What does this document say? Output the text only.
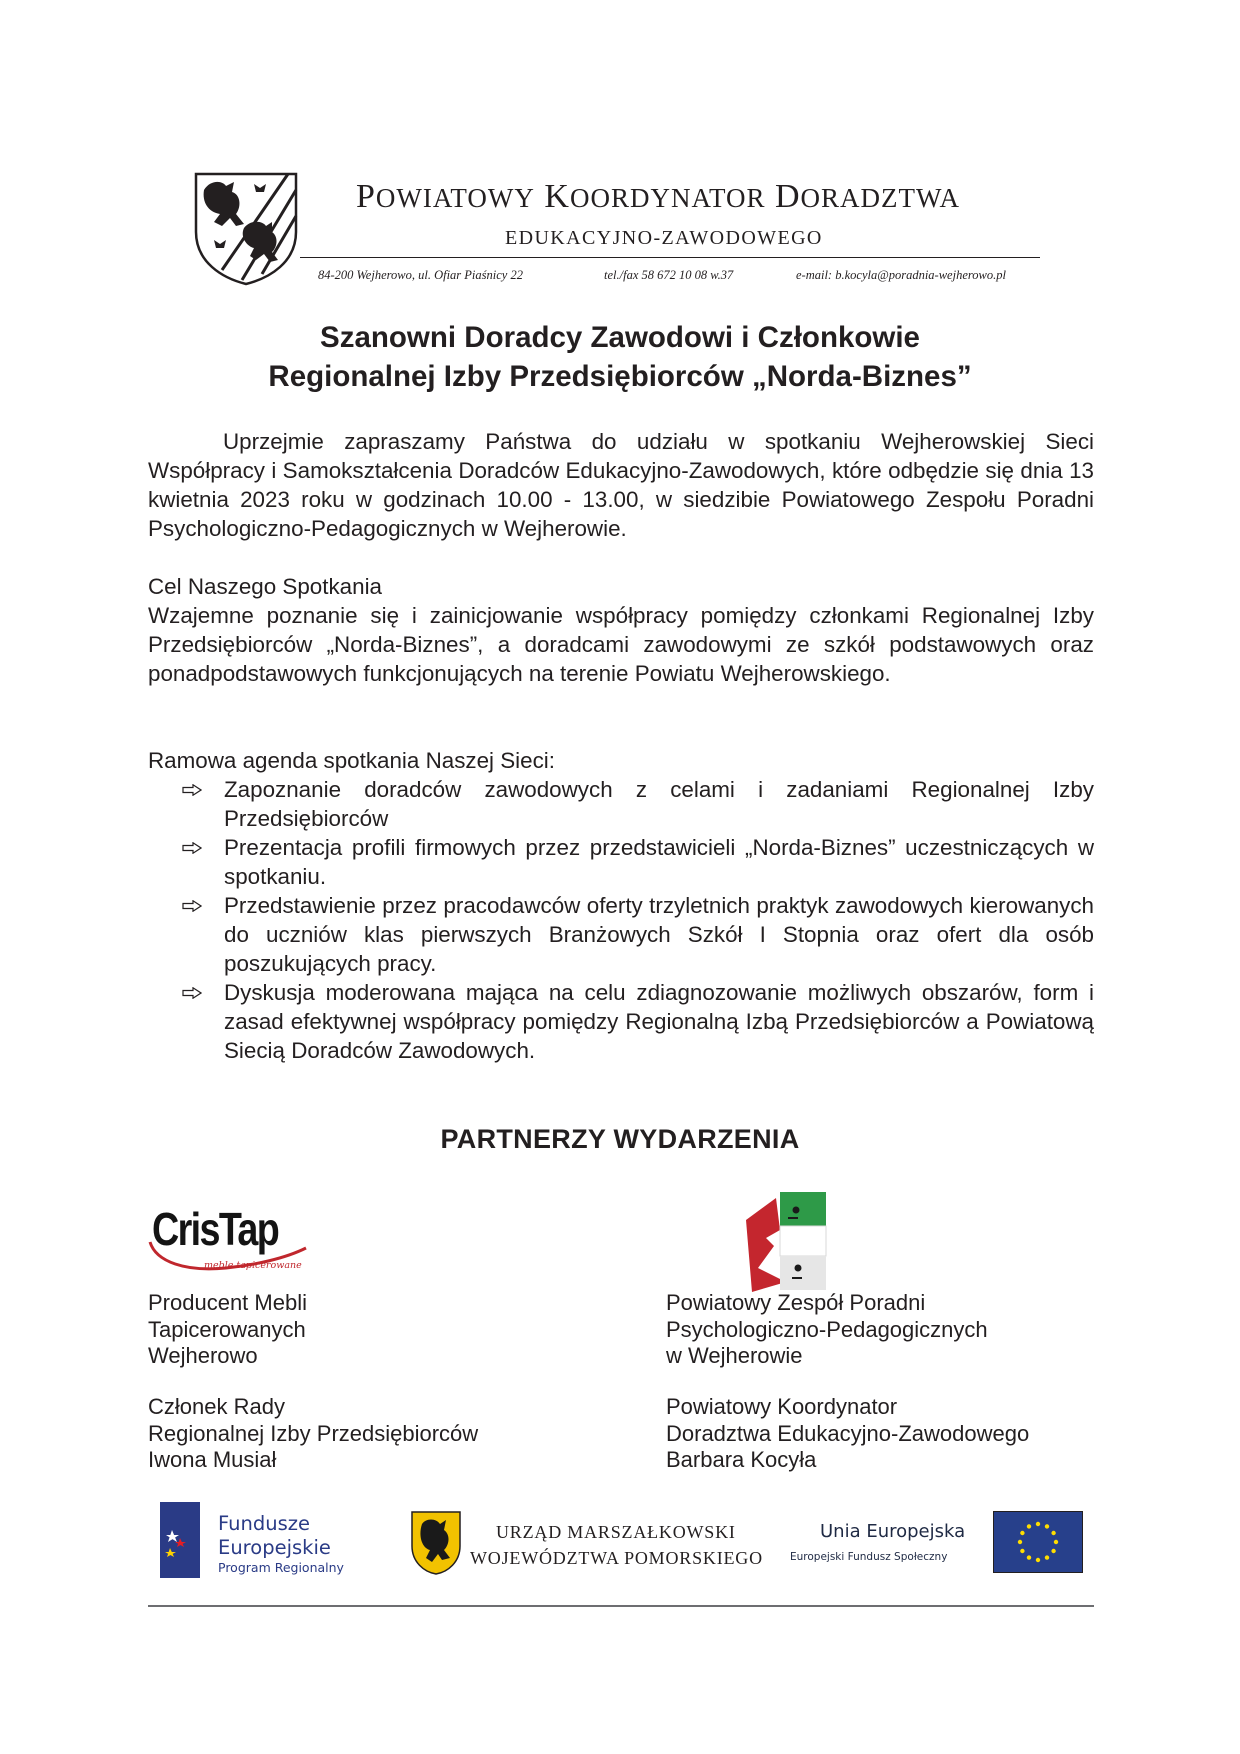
POWIATOWY KOORDYNATOR DORADZTWA
EDUKACYJNO-ZAWODOWEGO
84-200 Wejherowo, ul. Ofiar Piaśnicy 22	tel./fax 58 672 10 08 w.37	e-mail: b.kocyla@poradnia-wejherowo.pl
Szanowni Doradcy Zawodowi i Członkowie
Regionalnej Izby Przedsiębiorców „Norda-Biznes”
Uprzejmie zapraszamy Państwa do udziału w spotkaniu Wejherowskiej Sieci Współpracy i Samokształcenia Doradców Edukacyjno-Zawodowych, które odbędzie się dnia 13 kwietnia 2023 roku w godzinach 10.00 - 13.00, w siedzibie Powiatowego Zespołu Poradni Psychologiczno-Pedagogicznych w Wejherowie.
Cel Naszego Spotkania
Wzajemne poznanie się i zainicjowanie współpracy pomiędzy członkami Regionalnej Izby Przedsiębiorców „Norda-Biznes”, a doradcami zawodowymi ze szkół podstawowych oraz ponadpodstawowych funkcjonujących na terenie Powiatu Wejherowskiego.
Ramowa agenda spotkania Naszej Sieci:
Zapoznanie doradców zawodowych z celami i zadaniami Regionalnej Izby Przedsiębiorców
Prezentacja profili firmowych przez przedstawicieli „Norda-Biznes” uczestniczących w spotkaniu.
Przedstawienie przez pracodawców oferty trzyletnich praktyk zawodowych kierowanych do uczniów klas pierwszych Branżowych Szkół I Stopnia oraz ofert dla osób poszukujących pracy.
Dyskusja moderowana mająca na celu zdiagnozowanie możliwych obszarów, form i zasad efektywnej współpracy pomiędzy Regionalną Izbą Przedsiębiorców a Powiatową Siecią Doradców Zawodowych.
PARTNERZY WYDARZENIA
CrisTap
meble tapicerowane
Producent Mebli
Tapicerowanych
Wejherowo
Członek Rady
Regionalnej Izby Przedsiębiorców
Iwona Musiał
Powiatowy Zespół Poradni
Psychologiczno-Pedagogicznych
w Wejherowie
Powiatowy Koordynator
Doradztwa Edukacyjno-Zawodowego
Barbara Kocyła
Fundusze
Europejskie
Program Regionalny
URZĄD MARSZAŁKOWSKI
WOJEWÓDZTWA POMORSKIEGO
Unia Europejska
Europejski Fundusz Społeczny
